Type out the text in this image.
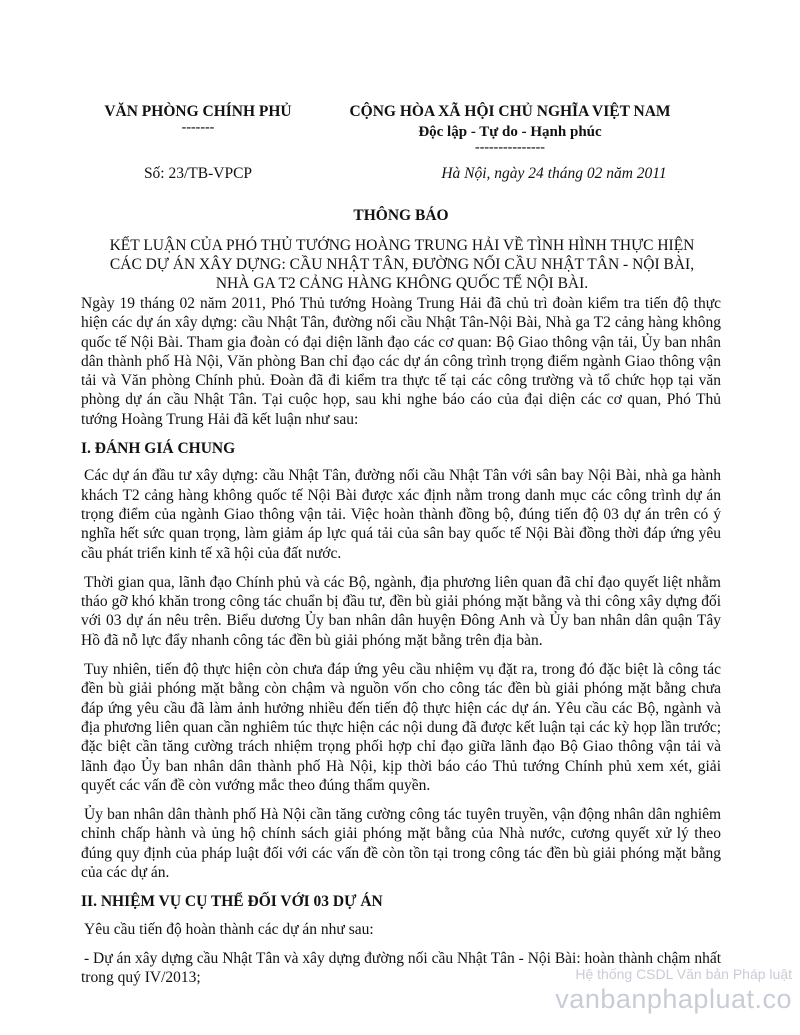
VĂN PHÒNG CHÍNH PHỦ
-------
CỘNG HÒA XÃ HỘI CHỦ NGHĨA VIỆT NAM
Độc lập - Tự do - Hạnh phúc
---------------
Số: 23/TB-VPCP	Hà Nội, ngày 24 tháng 02 năm 2011
THÔNG BÁO
KẾT LUẬN CỦA PHÓ THỦ TƯỚNG HOÀNG TRUNG HẢI VỀ TÌNH HÌNH THỰC HIỆN CÁC DỰ ÁN XÂY DỰNG: CẦU NHẬT TÂN, ĐƯỜNG NỐI CẦU NHẬT TÂN - NỘI BÀI, NHÀ GA T2 CẢNG HÀNG KHÔNG QUỐC TẾ NỘI BÀI.

Ngày 19 tháng 02 năm 2011, Phó Thủ tướng Hoàng Trung Hải đã chủ trì đoàn kiểm tra tiến độ thực hiện các dự án xây dựng: cầu Nhật Tân, đường nối cầu Nhật Tân-Nội Bài, Nhà ga T2 cảng hàng không quốc tế Nội Bài. Tham gia đoàn có đại diện lãnh đạo các cơ quan: Bộ Giao thông vận tải, Ủy ban nhân dân thành phố Hà Nội, Văn phòng Ban chỉ đạo các dự án công trình trọng điểm ngành Giao thông vận tải và Văn phòng Chính phủ. Đoàn đã đi kiểm tra thực tế tại các công trường và tổ chức họp tại văn phòng dự án cầu Nhật Tân. Tại cuộc họp, sau khi nghe báo cáo của đại diện các cơ quan, Phó Thủ tướng Hoàng Trung Hải đã kết luận như sau:

I. ĐÁNH GIÁ CHUNG

Các dự án đầu tư xây dựng: cầu Nhật Tân, đường nối cầu Nhật Tân với sân bay Nội Bài, nhà ga hành khách T2 cảng hàng không quốc tế Nội Bài được xác định nằm trong danh mục các công trình dự án trọng điểm của ngành Giao thông vận tải. Việc hoàn thành đồng bộ, đúng tiến độ 03 dự án trên có ý nghĩa hết sức quan trọng, làm giảm áp lực quá tải của sân bay quốc tế Nội Bài đồng thời đáp ứng yêu cầu phát triển kinh tế xã hội của đất nước.

Thời gian qua, lãnh đạo Chính phủ và các Bộ, ngành, địa phương liên quan đã chỉ đạo quyết liệt nhằm tháo gỡ khó khăn trong công tác chuẩn bị đầu tư, đền bù giải phóng mặt bằng và thi công xây dựng đối với 03 dự án nêu trên. Biểu dương Ủy ban nhân dân huyện Đông Anh và Ủy ban nhân dân quận Tây Hồ đã nỗ lực đẩy nhanh công tác đền bù giải phóng mặt bằng trên địa bàn.

Tuy nhiên, tiến độ thực hiện còn chưa đáp ứng yêu cầu nhiệm vụ đặt ra, trong đó đặc biệt là công tác đền bù giải phóng mặt bằng còn chậm và nguồn vốn cho công tác đền bù giải phóng mặt bằng chưa đáp ứng yêu cầu đã làm ảnh hưởng nhiều đến tiến độ thực hiện các dự án. Yêu cầu các Bộ, ngành và địa phương liên quan cần nghiêm túc thực hiện các nội dung đã được kết luận tại các kỳ họp lần trước; đặc biệt cần tăng cường trách nhiệm trọng phối hợp chỉ đạo giữa lãnh đạo Bộ Giao thông vận tải và lãnh đạo Ủy ban nhân dân thành phố Hà Nội, kịp thời báo cáo Thủ tướng Chính phủ xem xét, giải quyết các vấn đề còn vướng mắc theo đúng thẩm quyền.

Ủy ban nhân dân thành phố Hà Nội cần tăng cường công tác tuyên truyền, vận động nhân dân nghiêm chỉnh chấp hành và ủng hộ chính sách giải phóng mặt bằng của Nhà nước, cương quyết xử lý theo đúng quy định của pháp luật đối với các vấn đề còn tồn tại trong công tác đền bù giải phóng mặt bằng của các dự án.

II. NHIỆM VỤ CỤ THỂ ĐỐI VỚI 03 DỰ ÁN

Yêu cầu tiến độ hoàn thành các dự án như sau:

- Dự án xây dựng cầu Nhật Tân và xây dựng đường nối cầu Nhật Tân - Nội Bài: hoàn thành chậm nhất trong quý IV/2013;	Hệ thống CSDL Văn bản Pháp luật
vanbanphapluat.co
